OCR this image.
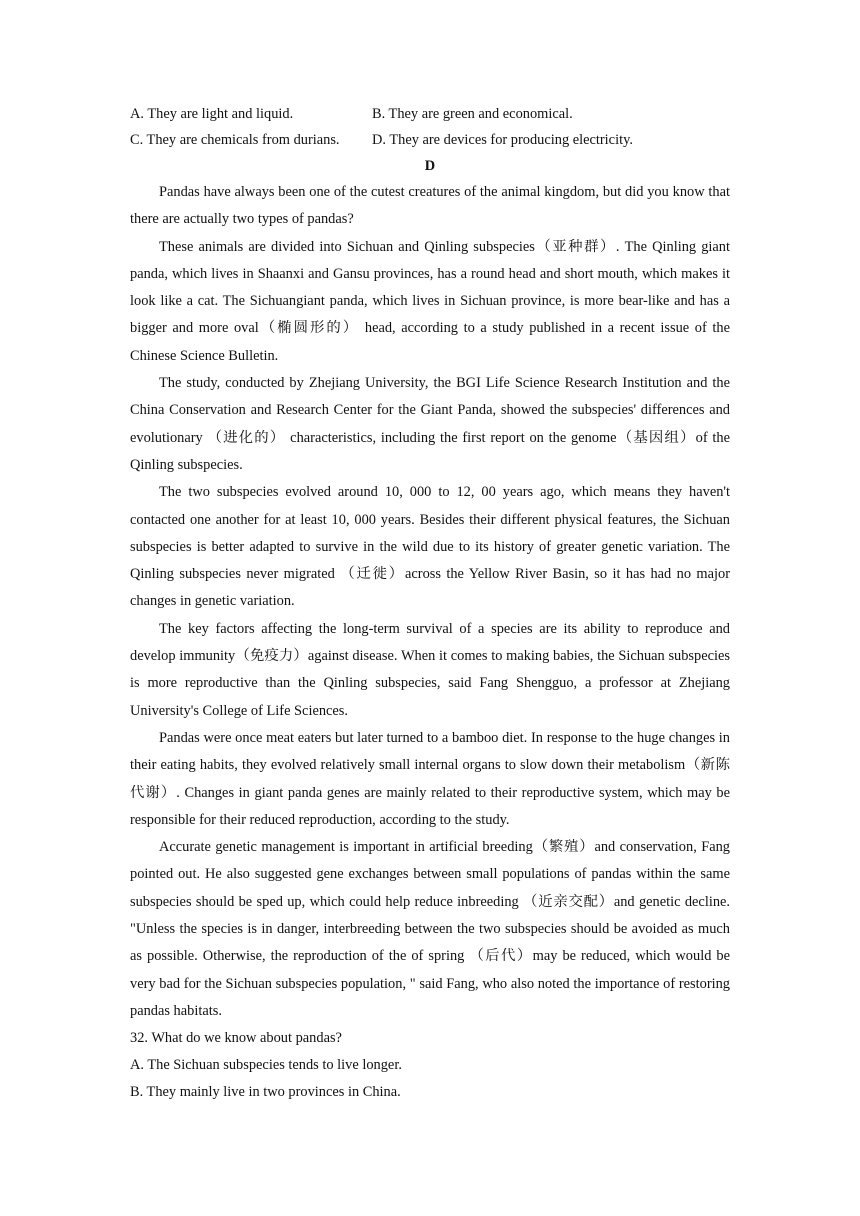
A. They are light and liquid.	B. They are green and economical.
C. They are chemicals from durians.	D. They are devices for producing electricity.
D

Pandas have always been one of the cutest creatures of the animal kingdom, but did you know that there are actually two types of pandas?

These animals are divided into Sichuan and Qinling subspecies（亚种群）. The Qinling giant panda, which lives in Shaanxi and Gansu provinces, has a round head and short mouth, which makes it look like a cat. The Sichuangiant panda, which lives in Sichuan province, is more bear-like and has a bigger and more oval（椭圆形的） head, according to a study published in a recent issue of the Chinese Science Bulletin.

The study, conducted by Zhejiang University, the BGI Life Science Research Institution and the China Conservation and Research Center for the Giant Panda, showed the subspecies' differences and evolutionary （进化的） characteristics, including the first report on the genome（基因组）of the Qinling subspecies.

The two subspecies evolved around 10, 000 to 12, 00 years ago, which means they haven't contacted one another for at least 10, 000 years. Besides their different physical features, the Sichuan subspecies is better adapted to survive in the wild due to its history of greater genetic variation. The Qinling subspecies never migrated （迁徙）across the Yellow River Basin, so it has had no major changes in genetic variation.

The key factors affecting the long-term survival of a species are its ability to reproduce and develop immunity（免疫力）against disease. When it comes to making babies, the Sichuan subspecies is more reproductive than the Qinling subspecies, said Fang Shengguo, a professor at Zhejiang University's College of Life Sciences.

Pandas were once meat eaters but later turned to a bamboo diet. In response to the huge changes in their eating habits, they evolved relatively small internal organs to slow down their metabolism（新陈代谢）. Changes in giant panda genes are mainly related to their reproductive system, which may be responsible for their reduced reproduction, according to the study.

Accurate genetic management is important in artificial breeding（繁殖）and conservation, Fang pointed out. He also suggested gene exchanges between small populations of pandas within the same subspecies should be sped up, which could help reduce inbreeding （近亲交配）and genetic decline. "Unless the species is in danger, interbreeding between the two subspecies should be avoided as much as possible. Otherwise, the reproduction of the of spring （后代）may be reduced, which would be very bad for the Sichuan subspecies population, " said Fang, who also noted the importance of restoring pandas habitats.

32. What do we know about pandas?

A. The Sichuan subspecies tends to live longer.

B. They mainly live in two provinces in China.
